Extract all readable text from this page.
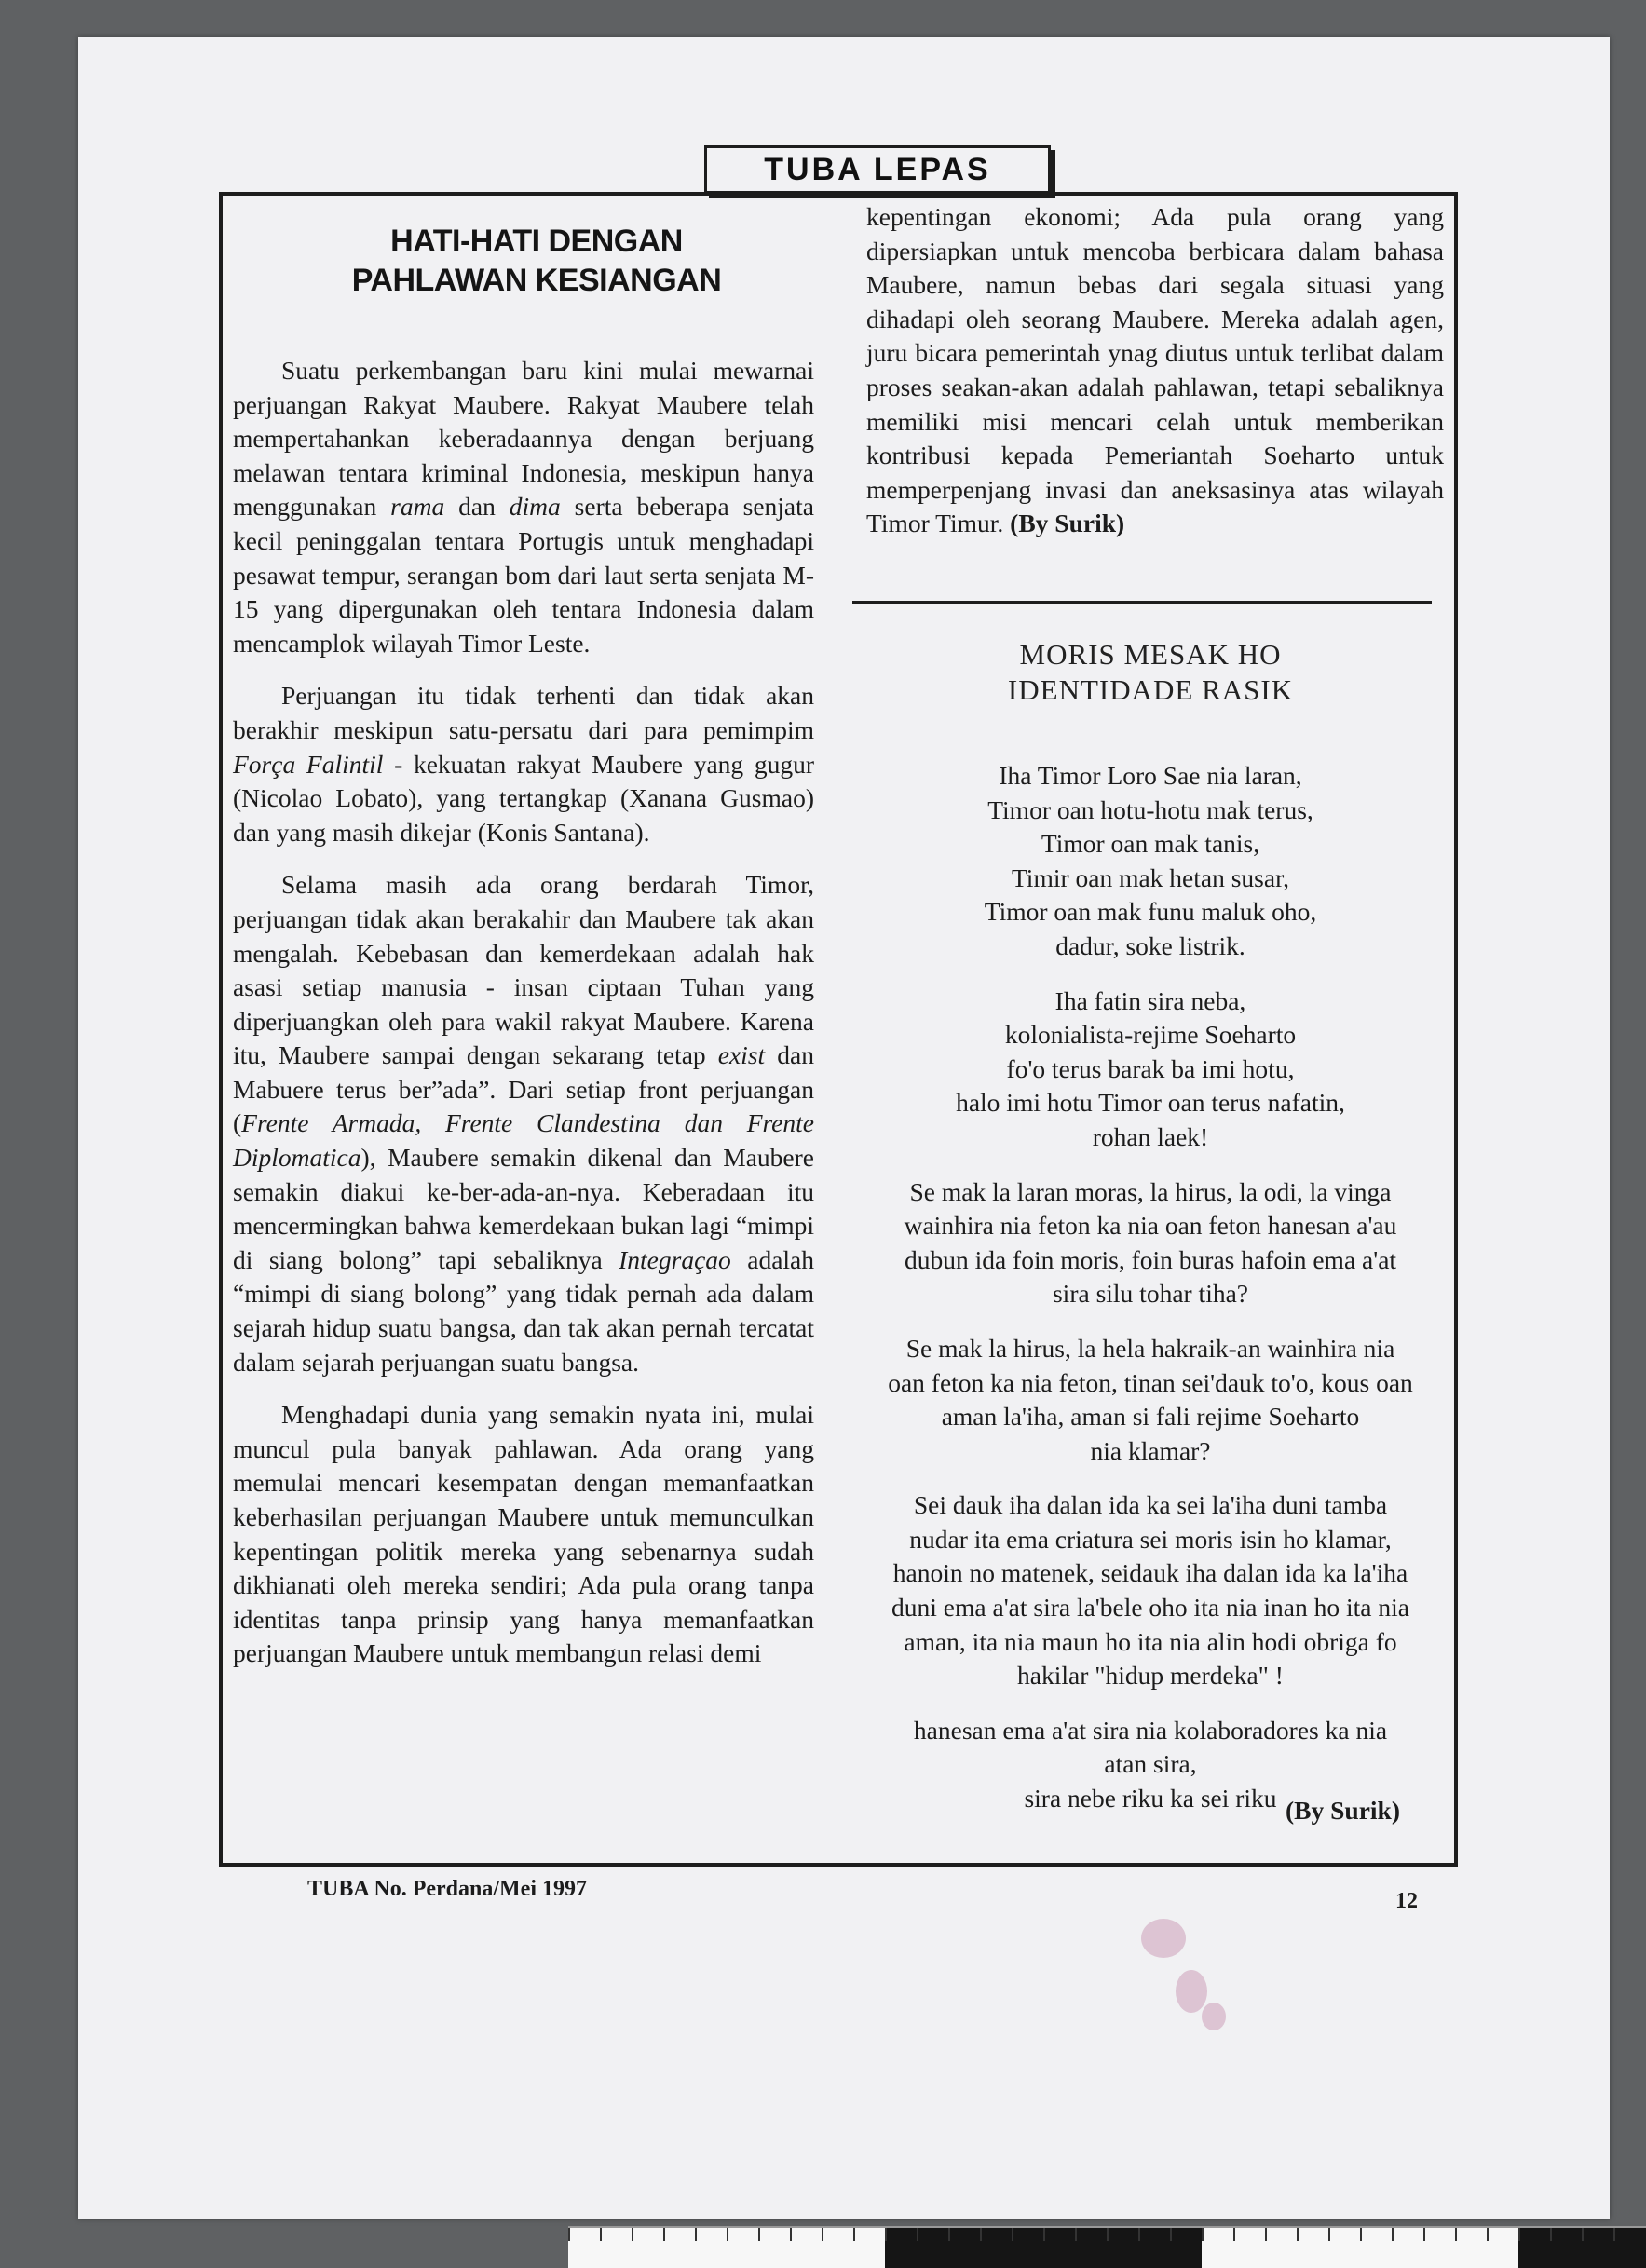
TUBA LEPAS
HATI-HATI DENGAN
PAHLAWAN KESIANGAN

Suatu perkembangan baru kini mulai mewarnai perjuangan Rakyat Maubere. Rakyat Maubere telah mempertahankan keberadaannya dengan berjuang melawan tentara kriminal Indonesia, meskipun hanya menggunakan rama dan dima serta beberapa senjata kecil peninggalan tentara Portugis untuk menghadapi pesawat tempur, serangan bom dari laut serta senjata M-15 yang dipergunakan oleh tentara Indonesia dalam mencamplok wilayah Timor Leste.

Perjuangan itu tidak terhenti dan tidak akan berakhir meskipun satu-persatu dari para pemimpim Força Falintil - kekuatan rakyat Maubere yang gugur (Nicolao Lobato), yang tertangkap (Xanana Gusmao) dan yang masih dikejar (Konis Santana).

Selama masih ada orang berdarah Timor, perjuangan tidak akan berakahir dan Maubere tak akan mengalah. Kebebasan dan kemerdekaan adalah hak asasi setiap manusia - insan ciptaan Tuhan yang diperjuangkan oleh para wakil rakyat Maubere. Karena itu, Maubere sampai dengan sekarang tetap exist dan Mabuere terus ber”ada”. Dari setiap front perjuangan (Frente Armada, Frente Clandestina dan Frente Diplomatica), Maubere semakin dikenal dan Maubere semakin diakui ke-ber-ada-an-nya. Keberadaan itu mencermingkan bahwa kemerdekaan bukan lagi “mimpi di siang bolong” tapi sebaliknya Integraçao adalah “mimpi di siang bolong” yang tidak pernah ada dalam sejarah hidup suatu bangsa, dan tak akan pernah tercatat dalam sejarah perjuangan suatu bangsa.

Menghadapi dunia yang semakin nyata ini, mulai muncul pula banyak pahlawan. Ada orang yang memulai mencari kesempatan dengan memanfaatkan keberhasilan perjuangan Maubere untuk memunculkan kepentingan politik mereka yang sebenarnya sudah dikhianati oleh mereka sendiri; Ada pula orang tanpa identitas tanpa prinsip yang hanya memanfaatkan perjuangan Maubere untuk membangun relasi demi

kepentingan ekonomi; Ada pula orang yang dipersiapkan untuk mencoba berbicara dalam bahasa Maubere, namun bebas dari segala situasi yang dihadapi oleh seorang Maubere. Mereka adalah agen, juru bicara pemerintah ynag diutus untuk terlibat dalam proses seakan-akan adalah pahlawan, tetapi sebaliknya memiliki misi mencari celah untuk memberikan kontribusi kepada Pemeriantah Soeharto untuk memperpenjang invasi dan aneksasinya atas wilayah Timor Timur. (By Surik)

MORIS MESAK HO
IDENTIDADE RASIK
Iha Timor Loro Sae nia laran,
Timor oan hotu-hotu mak terus,
Timor oan mak tanis,
Timir oan mak hetan susar,
Timor oan mak funu maluk oho,
dadur, soke listrik.
Iha fatin sira neba,
kolonialista-rejime Soeharto
fo'o terus barak ba imi hotu,
halo imi hotu Timor oan terus nafatin,
rohan laek!
Se mak la laran moras, la hirus, la odi, la vinga
wainhira nia feton ka nia oan feton hanesan a'au
dubun ida foin moris, foin buras hafoin ema a'at
sira silu tohar tiha?
Se mak la hirus, la hela hakraik-an wainhira nia
oan feton ka nia feton, tinan sei'dauk to'o, kous oan
aman la'iha, aman si fali rejime Soeharto
nia klamar?
Sei dauk iha dalan ida ka sei la'iha duni tamba
nudar ita ema criatura sei moris isin ho klamar,
hanoin no matenek, seidauk iha dalan ida ka la'iha
duni ema a'at sira la'bele oho ita nia inan ho ita nia
aman, ita nia maun ho ita nia alin hodi obriga fo
hakilar "hidup merdeka" !
hanesan ema a'at sira nia kolaboradores ka nia
atan sira,
sira nebe riku ka sei riku (By Surik)
TUBA No. Perdana/Mei 1997	12
